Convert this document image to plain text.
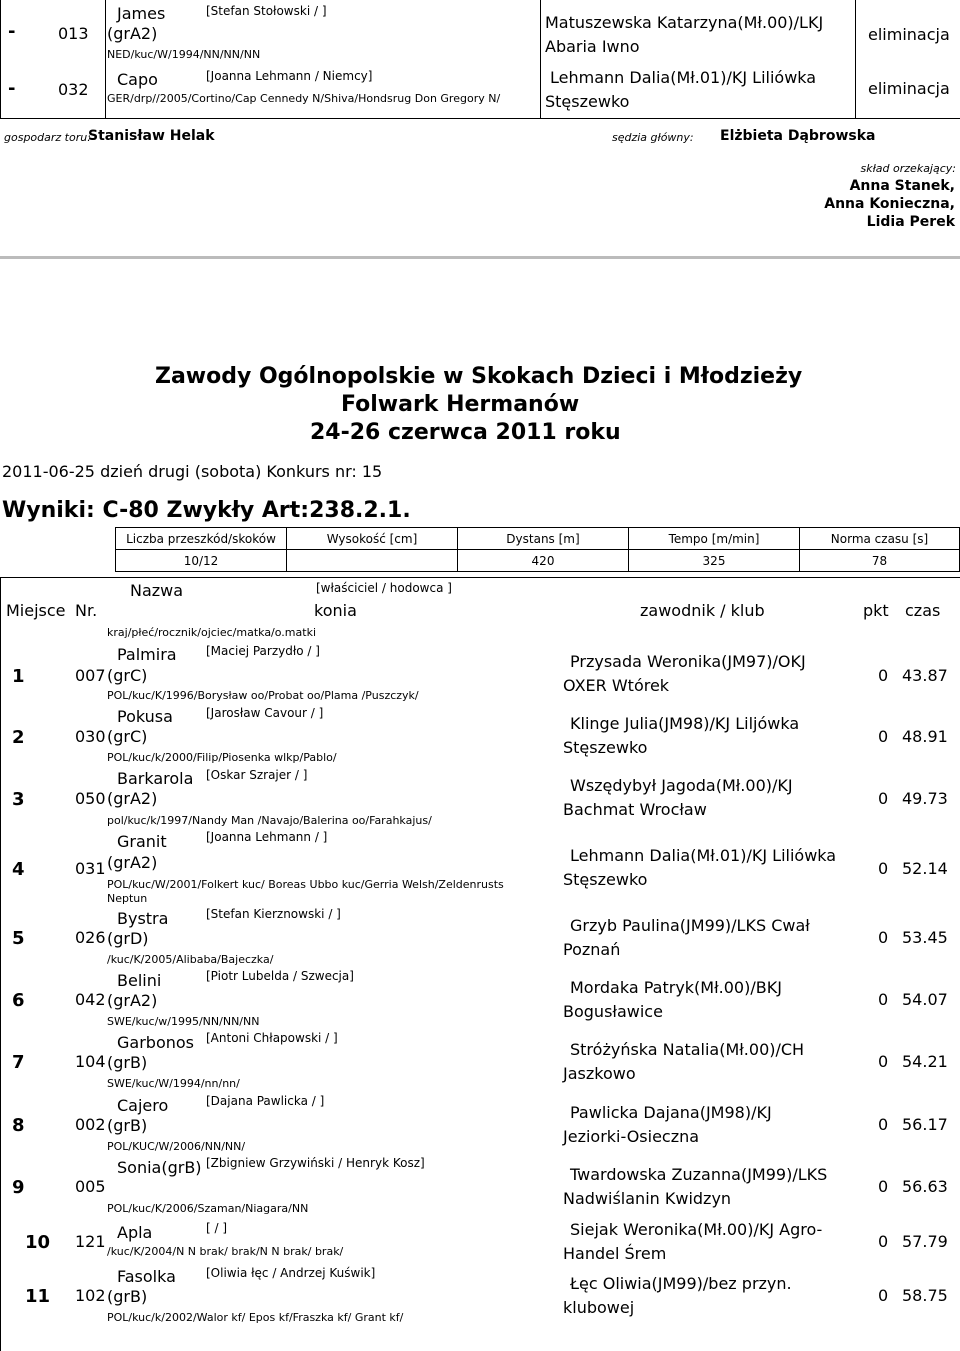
-	013
James	[Stefan Stołowski / ]
(grA2)
NED/kuc/W/1994/NN/NN/NN
Matuszewska Katarzyna(Mł.00)/LKJ
Abaria Iwno
eliminacja
-	032
Capo	[Joanna Lehmann / Niemcy]
GER/drp//2005/Cortino/Cap Cennedy N/Shiva/Hondsrug Don Gregory N/
Lehmann Dalia(Mł.01)/KJ Liliówka
Stęszewko
eliminacja
gospodarz toru:
Stanisław Helak	sędzia główny: Elżbieta Dąbrowska
skład orzekający:
Anna Stanek,
Anna Konieczna,
Lidia Perek
Zawody Ogólnopolskie w Skokach Dzieci i Młodzieży
Folwark Hermanów
24-26 czerwca 2011 roku
2011-06-25 dzień drugi (sobota) Konkurs nr: 15
Wyniki: C-80 Zwykły Art:238.2.1.
Liczba przeszkód/skoków	Wysokość [cm]	Dystans [m]	Tempo [m/min]	Norma czasu [s]
10/12		420	325	78
Miejsce Nr.
Nazwa	[właściciel / hodowca ]
konia
kraj/płeć/rocznik/ojciec/matka/o.matki
zawodnik / klub	pkt czas
1	007
Palmira [Maciej Parzydło / ]
(grC)
POL/kuc/K/1996/Borysław oo/Probat oo/Plama /Puszczyk/
Przysada Weronika(JM97)/OKJ
OXER Wtórek
0 43.87
2	030
Pokusa	[Jarosław Cavour / ]
(grC)
POL/kuc/k/2000/Filip/Piosenka wlkp/Pablo/
Klinge Julia(JM98)/KJ Liljówka
Stęszewko
0 48.91
3	050
Barkarola [Oskar Szrajer / ]
(grA2)
pol/kuc/k/1997/Nandy Man /Navajo/Balerina oo/Farahkajus/
Wszędybył Jagoda(Mł.00)/KJ
Bachmat Wrocław
0 49.73
4	031
Granit	[Joanna Lehmann / ]
(grA2)
POL/kuc/W/2001/Folkert kuc/ Boreas Ubbo kuc/Gerria Welsh/Zeldenrusts
Neptun
Lehmann Dalia(Mł.01)/KJ Liliówka
Stęszewko
0 52.14
5	026
Bystra	[Stefan Kierznowski / ]
(grD)
/kuc/K/2005/Alibaba/Bajeczka/
Grzyb Paulina(JM99)/LKS Cwał
Poznań
0 53.45
6	042
Belini	[Piotr Lubelda / Szwecja]
(grA2)
SWE/kuc/w/1995/NN/NN/NN
Mordaka Patryk(Mł.00)/BKJ
Bogusławice
0 54.07
7	104
Garbonos [Antoni Chłapowski / ]
(grB)
SWE/kuc/W/1994/nn/nn/
Stróżyńska Natalia(Mł.00)/CH
Jaszkowo
0 54.21
8	002
Cajero	[Dajana Pawlicka / ]
(grB)
POL/KUC/W/2006/NN/NN/
Pawlicka Dajana(JM98)/KJ
Jeziorki-Osieczna
0 56.17
9	005
Sonia(grB) [Zbigniew Grzywiński / Henryk Kosz]
POL/kuc/K/2006/Szaman/Niagara/NN
Twardowska Zuzanna(JM99)/LKS
Nadwiślanin Kwidzyn
0 56.63
10 121 Apla	[ / ]
/kuc/K/2004/N N brak/ brak/N N brak/ brak/
Siejak Weronika(Mł.00)/KJ Agro-
Handel Śrem
0 57.79
11 102
Fasolka	[Oliwia łęc / Andrzej Kuświk]
(grB)
POL/kuc/k/2002/Walor kf/ Epos kf/Fraszka kf/ Grant kf/
Łęc Oliwia(JM99)/bez przyn.
klubowej
0 58.75
